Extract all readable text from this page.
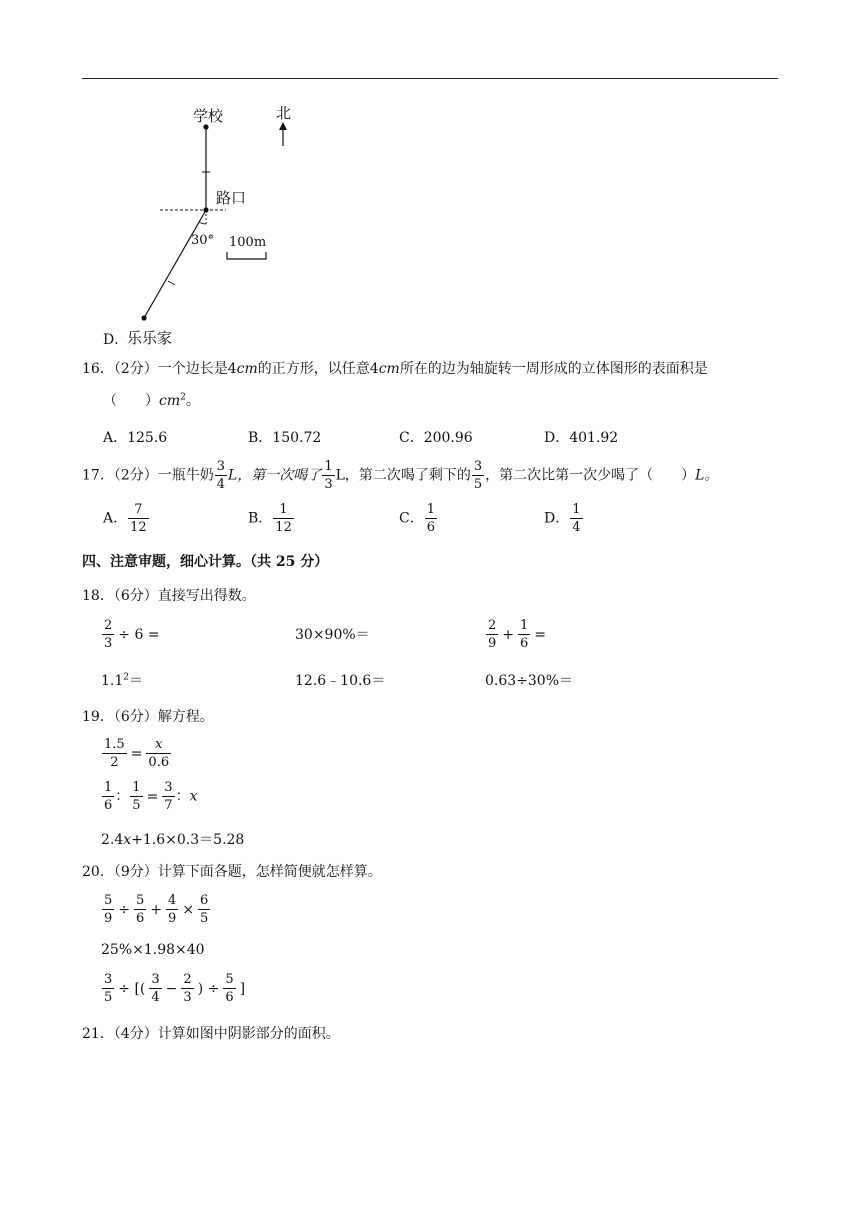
学校	北
路口
30° 100m
D．
乐乐家
16．（2分）一个边长是4cm的正方形，以任意4cm所在的边为轴旋转一周形成的立体图形的表面积是
（　　）$cm^2$。
A．125.6	B．150.72	C．200.96	D．401.92
17．（2分）一瓶牛奶 $\frac{3}{4}$ L，第一次喝了 $\frac{1}{3}$ L，第二次喝了剩下的 $\frac{3}{5}$ ，第二次比第一次少喝了（　　）L。
A． $\frac{7}{12}$	B． $\frac{1}{12}$	C． $\frac{1}{6}$	D． $\frac{1}{4}$
四、注意审题，细心计算。（共 25 分）
18．（6分）直接写出得数。
$\frac{2}{3} \div 6$ =	30×90%＝	$\frac{2}{9} + \frac{1}{6}$ =
$1.1^2=$	12.6﹣10.6＝	0.63÷30%＝
19．（6分）解方程。
$\frac{1.5}{2} = \frac{x}{0.6}$
$\frac{1}{6}$ ： $\frac{1}{5} = \frac{3}{7}$ ：x
2.4x+1.6×0.3＝5.28
20．（9分）计算下面各题，怎样简便就怎样算。
$\frac{5}{9} \div \frac{5}{6} + \frac{4}{9} \times \frac{6}{5}$
25%×1.98×40
$\frac{3}{5}$ ÷ [( $\frac{3}{4} - \frac{2}{3}$ ) ÷ $\frac{5}{6}$ ]
21．（4分）计算如图中阴影部分的面积。
